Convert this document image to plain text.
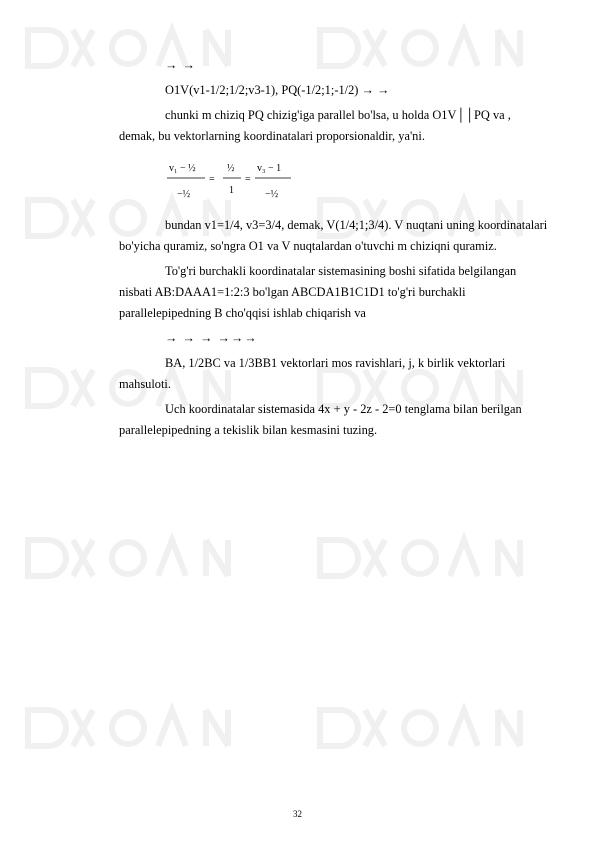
→ →

O1V(v1-1/2;1/2;v3-1), PQ(-1/2;1;-1/2) → →

chunki m chiziq PQ chizig'iga parallel bo'lsa, u holda O1V││PQ va , demak, bu vektorlarning koordinatalari proporsionaldir, ya'ni.

v₁ − ½
−½
=
½
1
=
v₃ − 1
−½

bundan v1=1/4, v3=3/4, demak, V(1/4;1;3/4). V nuqtani uning koordinatalari bo'yicha quramiz, so'ngra O1 va V nuqtalardan o'tuvchi m chiziqni quramiz.

To'g'ri burchakli koordinatalar sistemasining boshi sifatida belgilangan nisbati AB:DAAA1=1:2:3 bo'lgan ABCDA1B1C1D1 to'g'ri burchakli parallelepipedning B cho'qqisi ishlab chiqarish va

→ → → →→→

BA, 1/2BC va 1/3BB1 vektorlari mos ravishlari, j, k birlik vektorlari mahsuloti.

Uch koordinatalar sistemasida 4x + y - 2z - 2=0 tenglama bilan berilgan parallelepipedning a tekislik bilan kesmasini tuzing.

32
